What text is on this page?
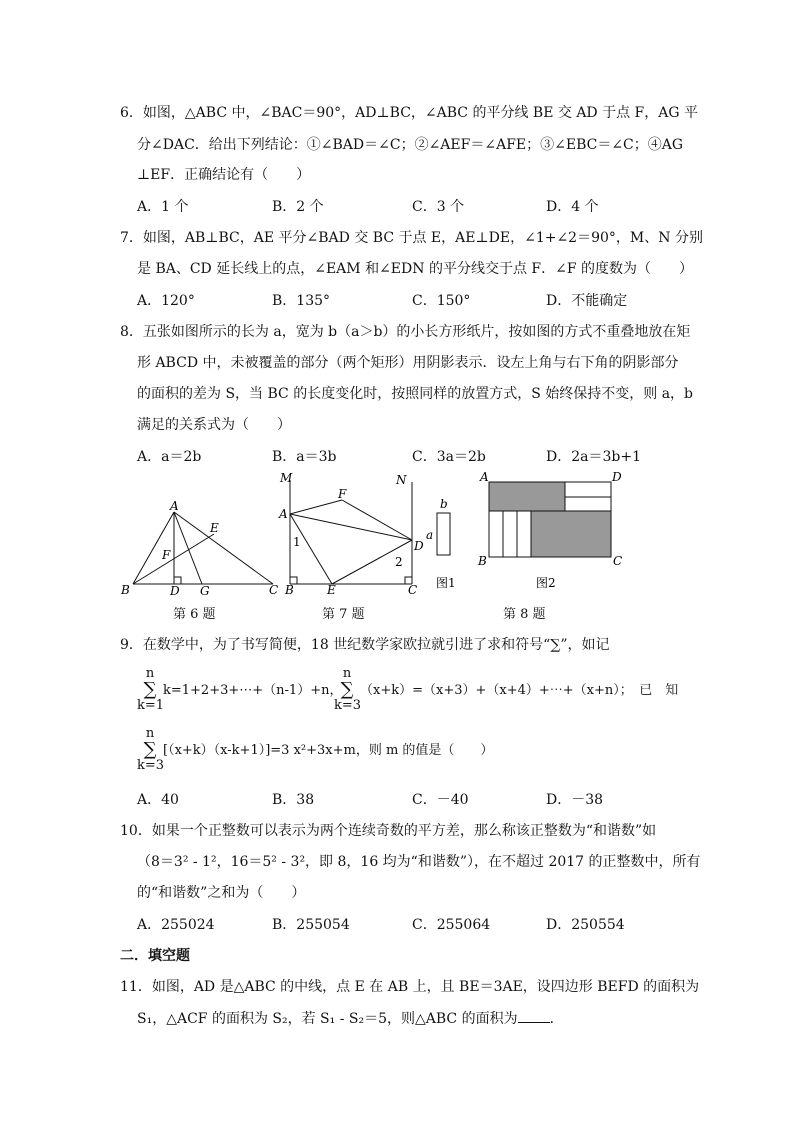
6．如图，△ABC 中，∠BAC＝90°，AD⊥BC，∠ABC 的平分线 BE 交 AD 于点 F，AG 平
分∠DAC．给出下列结论：①∠BAD＝∠C；②∠AEF＝∠AFE；③∠EBC＝∠C；④AG
⊥EF．正确结论有（　　）
A．1 个	B．2 个	C．3 个	D．4 个
7．如图，AB⊥BC，AE 平分∠BAD 交 BC 于点 E，AE⊥DE，∠1+∠2＝90°，M、N 分别
是 BA、CD 延长线上的点，∠EAM 和∠EDN 的平分线交于点 F．∠F 的度数为（　　）
A．120°	B．135°	C．150°	D．不能确定
8．五张如图所示的长为 a，宽为 b（a＞b）的小长方形纸片，按如图的方式不重叠地放在矩
形 ABCD 中，未被覆盖的部分（两个矩形）用阴影表示．设左上角与右下角的阴影部分
的面积的差为 S，当 BC 的长度变化时，按照同样的放置方式，S 始终保持不变，则 a，b
满足的关系式为（　　）
A．a＝2b	B．a＝3b	C．3a＝2b	D．2a＝3b+1
A
B	C
D
E
F
G
第 6 题
M	N
A
B	C
D
E
F
1
2
第 7 题
b
a
A	D
B	C
图1	图2
第 8 题
9．在数学中，为了书写简便，18 世纪数学家欧拉就引进了求和符号“∑”，如记
n
∑
k=1
k=1+2+3+⋯+（n-1）+n，
n
∑
k=3
（x+k）=（x+3）+（x+4）+⋯+（x+n）；　已　知
n
∑
k=3
[（x+k）（x-k+1）]=3 x²+3x+m，则 m 的值是（　　）
A．40	B．38	C．－40	D．－38
10．如果一个正整数可以表示为两个连续奇数的平方差，那么称该正整数为“和谐数”如
（8＝3² - 1²，16＝5² - 3²，即 8，16 均为“和谐数”），在不超过 2017 的正整数中，所有
的“和谐数”之和为（　　）
A．255024	B．255054	C．255064	D．250554
二．填空题
11．如图，AD 是△ABC 的中线，点 E 在 AB 上，且 BE＝3AE，设四边形 BEFD 的面积为
S₁，△ACF 的面积为 S₂，若 S₁ - S₂＝5，则△ABC 的面积为 ．
